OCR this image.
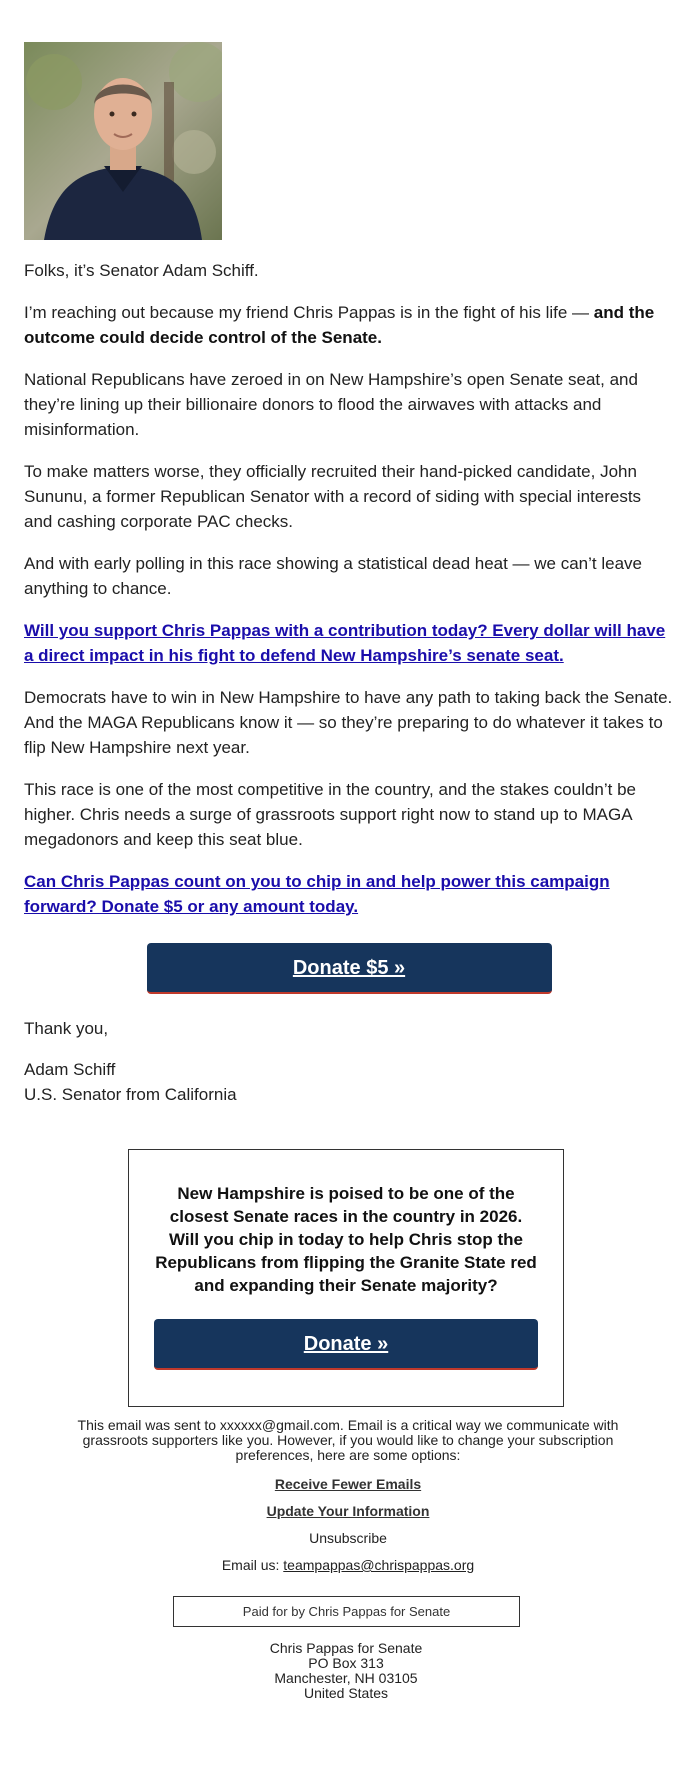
Folks, it’s Senator Adam Schiff.

I’m reaching out because my friend Chris Pappas is in the fight of his life — and the outcome could decide control of the Senate.

National Republicans have zeroed in on New Hampshire’s open Senate seat, and they’re lining up their billionaire donors to flood the airwaves with attacks and misinformation.

To make matters worse, they officially recruited their hand-picked candidate, John Sununu, a former Republican Senator with a record of siding with special interests and cashing corporate PAC checks.

And with early polling in this race showing a statistical dead heat — we can’t leave anything to chance.

Will you support Chris Pappas with a contribution today? Every dollar will have a direct impact in his fight to defend New Hampshire’s senate seat.

Democrats have to win in New Hampshire to have any path to taking back the Senate. And the MAGA Republicans know it — so they’re preparing to do whatever it takes to flip New Hampshire next year.

This race is one of the most competitive in the country, and the stakes couldn’t be higher. Chris needs a surge of grassroots support right now to stand up to MAGA megadonors and keep this seat blue.

Can Chris Pappas count on you to chip in and help power this campaign forward? Donate $5 or any amount today.

Donate $5 »
Thank you,
Adam Schiff
U.S. Senator from California
New Hampshire is poised to be one of the closest Senate races in the country in 2026. Will you chip in today to help Chris stop the Republicans from flipping the Granite State red and expanding their Senate majority?
Donate »
This email was sent to xxxxxx@gmail.com. Email is a critical way we communicate with grassroots supporters like you. However, if you would like to change your subscription preferences, here are some options:
Receive Fewer Emails
Update Your Information
Unsubscribe
Email us: teampappas@chrispappas.org
Paid for by Chris Pappas for Senate
Chris Pappas for Senate
PO Box 313
Manchester, NH 03105
United States
